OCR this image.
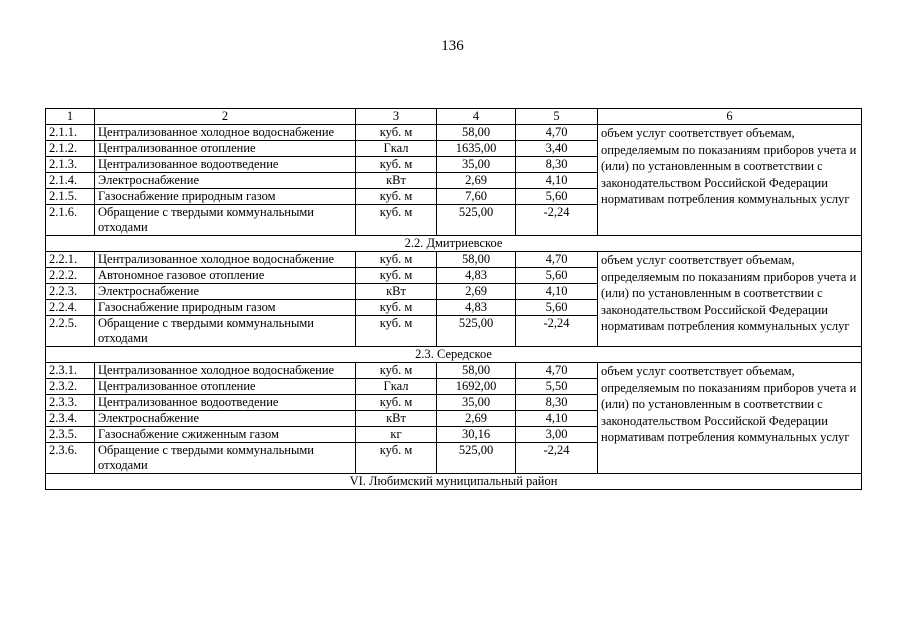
136
1	2	3	4	5	6
2.1.1.	Централизованное холодное водоснабжение	куб. м	58,00	4,70	объем услуг соответствует объемам, определяемым по показаниям приборов учета и (или) по установленным в соответствии с законодательством Российской Федерации нормативам потребления коммунальных услуг
2.1.2.	Централизованное отопление	Гкал	1635,00	3,40	
2.1.3.	Централизованное водоотведение	куб. м	35,00	8,30	
2.1.4.	Электроснабжение	кВт	2,69	4,10	
2.1.5.	Газоснабжение природным газом	куб. м	7,60	5,60	
2.1.6.	Обращение с твердыми коммунальными отходами	куб. м	525,00	-2,24	
2.2. Дмитриевское					
2.2.1.	Централизованное холодное водоснабжение	куб. м	58,00	4,70	объем услуг соответствует объемам, определяемым по показаниям приборов учета и (или) по установленным в соответствии с законодательством Российской Федерации нормативам потребления коммунальных услуг
2.2.2.	Автономное газовое отопление	куб. м	4,83	5,60	
2.2.3.	Электроснабжение	кВт	2,69	4,10	
2.2.4.	Газоснабжение природным газом	куб. м	4,83	5,60	
2.2.5.	Обращение с твердыми коммунальными отходами	куб. м	525,00	-2,24	
2.3. Середское					
2.3.1.	Централизованное холодное водоснабжение	куб. м	58,00	4,70	объем услуг соответствует объемам, определяемым по показаниям приборов учета и (или) по установленным в соответствии с законодательством Российской Федерации нормативам потребления коммунальных услуг
2.3.2.	Централизованное отопление	Гкал	1692,00	5,50	
2.3.3.	Централизованное водоотведение	куб. м	35,00	8,30	
2.3.4.	Электроснабжение	кВт	2,69	4,10	
2.3.5.	Газоснабжение сжиженным газом	кг	30,16	3,00	
2.3.6.	Обращение с твердыми коммунальными отходами	куб. м	525,00	-2,24	
VI. Любимский муниципальный район					
